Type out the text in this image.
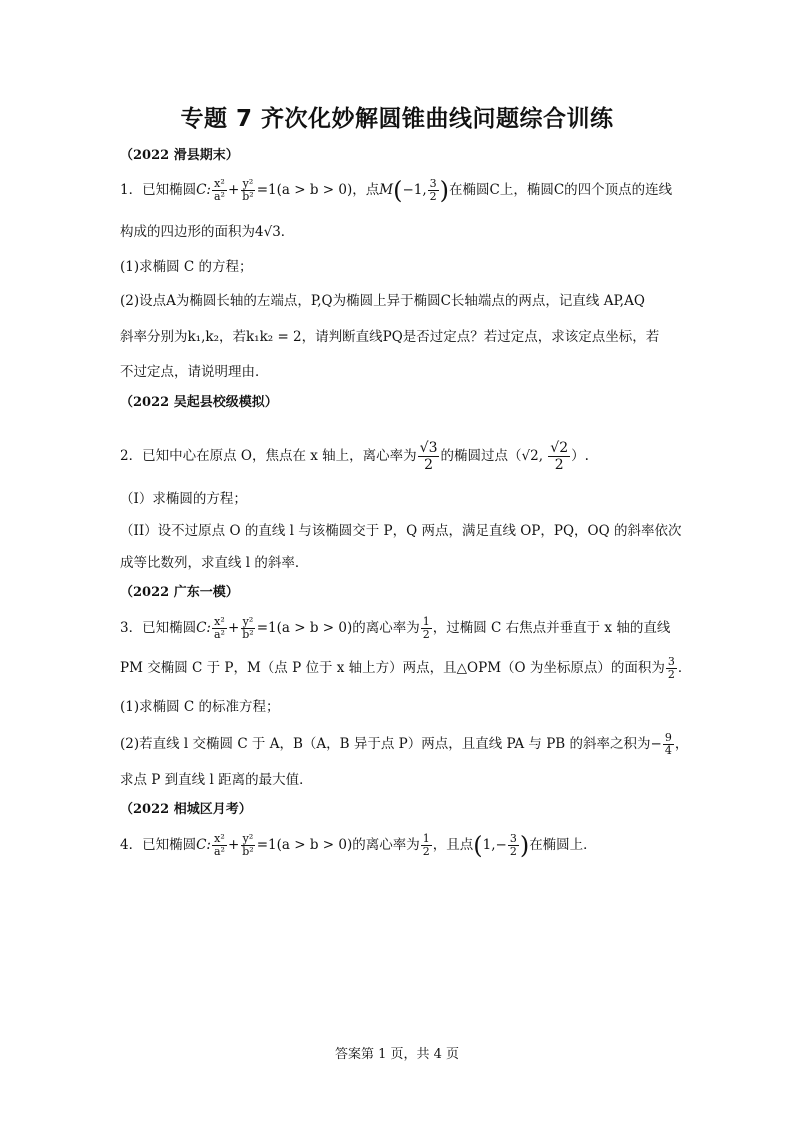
专题 7 齐次化妙解圆锥曲线问题综合训练
（2022 滑县期末）
1．已知椭圆C: $\frac{\text{x²}}{\text{a²}} + \frac{\text{y²}}{\text{b²}} =1(a > b > 0)$，点M(−1, $\frac{3}{2}$ )在椭圆C上，椭圆C的四个顶点的连线
构成的四边形的面积为4√3．
(1)求椭圆 C 的方程；
(2)设点A为椭圆长轴的左端点，P,Q为椭圆上异于椭圆C长轴端点的两点，记直线 AP,AQ
斜率分别为k₁,k₂，若k₁k₂ = 2，请判断直线PQ是否过定点？若过定点，求该定点坐标，若
不过定点，请说明理由．
（2022 吴起县校级模拟）
2．已知中心在原点 O，焦点在 x 轴上，离心率为 $\frac{√3}{2}$ 的椭圆过点（√2, $\frac{√2}{2}$ ）.
（I）求椭圆的方程；
（II）设不过原点 O 的直线 l 与该椭圆交于 P，Q 两点，满足直线 OP，PQ，OQ 的斜率依次
成等比数列，求直线 l 的斜率．
（2022 广东一模）
3．已知椭圆C: $\frac{\text{x²}}{\text{a²}} + \frac{\text{y²}}{\text{b²}} =1(a > b > 0)$的离心率为 $\frac{1}{2}$ ，过椭圆 C 右焦点并垂直于 x 轴的直线
PM 交椭圆 C 于 P，M（点 P 位于 x 轴上方）两点，且△OPM（O 为坐标原点）的面积为 $\frac{3}{2}$ ．
(1)求椭圆 C 的标准方程；
(2)若直线 l 交椭圆 C 于 A，B（A，B 异于点 P）两点，且直线 PA 与 PB 的斜率之积为− $\frac{9}{4}$ ，
求点 P 到直线 l 距离的最大值．
（2022 相城区月考）
4．已知椭圆C: $\frac{\text{x²}}{\text{a²}} + \frac{\text{y²}}{\text{b²}} =1(a > b > 0)$的离心率为 $\frac{1}{2}$ ，且点($1,- \frac{3}{2}$ )在椭圆上．
答案第 1 页，共 4 页
